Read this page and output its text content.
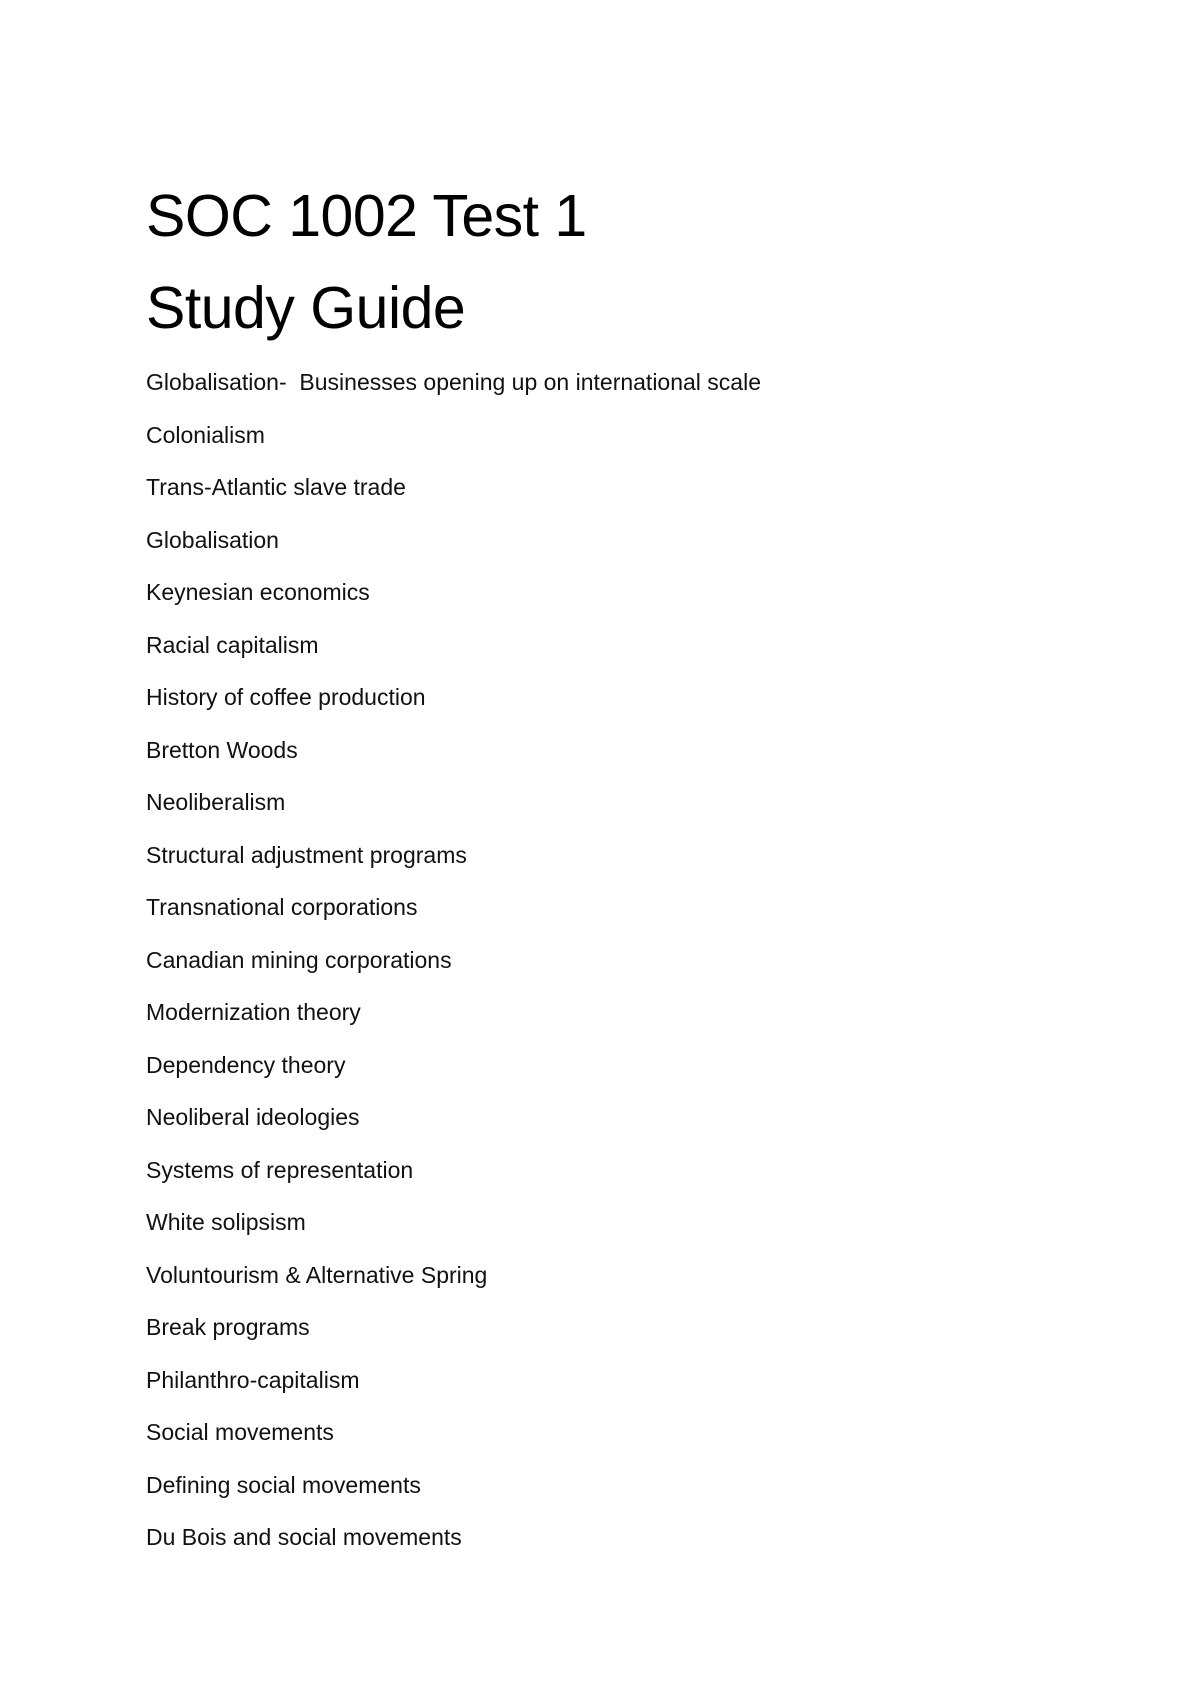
SOC 1002 Test 1
Study Guide
Globalisation-  Businesses opening up on international scale
Colonialism
Trans-Atlantic slave trade
Globalisation
Keynesian economics
Racial capitalism
History of coffee production
Bretton Woods
Neoliberalism
Structural adjustment programs
Transnational corporations
Canadian mining corporations
Modernization theory
Dependency theory
Neoliberal ideologies
Systems of representation
White solipsism
Voluntourism & Alternative Spring
Break programs
Philanthro-capitalism
Social movements
Defining social movements
Du Bois and social movements
